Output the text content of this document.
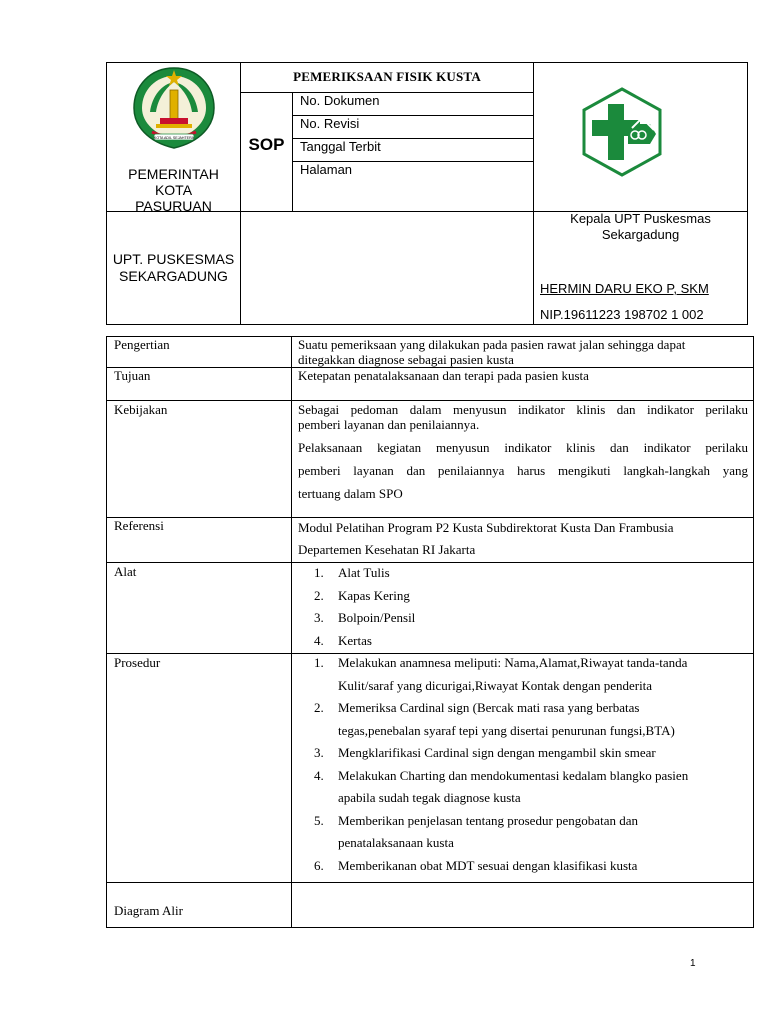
KOTA ADIL SEJAHTERA
PEMERINTAH
KOTA
PASURUAN
PEMERIKSAAN FISIK KUSTA
SOP
No. Dokumen
No. Revisi
Tanggal Terbit
Halaman
UPT. PUSKESMAS
SEKARGADUNG
Kepala UPT Puskesmas
Sekargadung
HERMIN DARU EKO P, SKM
NIP.19611223 198702 1 002
Pengertian	Suatu pemeriksaan yang dilakukan pada pasien rawat jalan sehingga dapat
ditegakkan diagnose sebagai pasien kusta
Tujuan	Ketepatan penatalaksanaan dan terapi pada pasien kusta
Kebijakan	Sebagai pedoman dalam menyusun indikator klinis dan indikator perilaku
pemberi layanan dan penilaiannya.
Pelaksanaan kegiatan menyusun indikator klinis dan indikator perilaku
pemberi layanan dan penilaiannya harus mengikuti langkah-langkah yang
tertuang dalam SPO
Referensi	Modul Pelatihan Program P2 Kusta Subdirektorat Kusta Dan Frambusia
Departemen Kesehatan RI Jakarta
Alat	1. Alat Tulis
2. Kapas Kering
3. Bolpoin/Pensil
4. Kertas
Prosedur	1. Melakukan anamnesa meliputi: Nama,Alamat,Riwayat tanda-tanda
Kulit/saraf yang dicurigai,Riwayat Kontak dengan penderita
2. Memeriksa Cardinal sign (Bercak mati rasa yang berbatas
tegas,penebalan syaraf tepi yang disertai penurunan fungsi,BTA)
3. Mengklarifikasi Cardinal sign dengan mengambil skin smear
4. Melakukan Charting dan mendokumentasi kedalam blangko pasien
apabila sudah tegak diagnose kusta
5. Memberikan penjelasan tentang prosedur pengobatan dan
penatalaksanaan kusta
6. Memberikanan obat MDT sesuai dengan klasifikasi kusta
Diagram Alir
1
